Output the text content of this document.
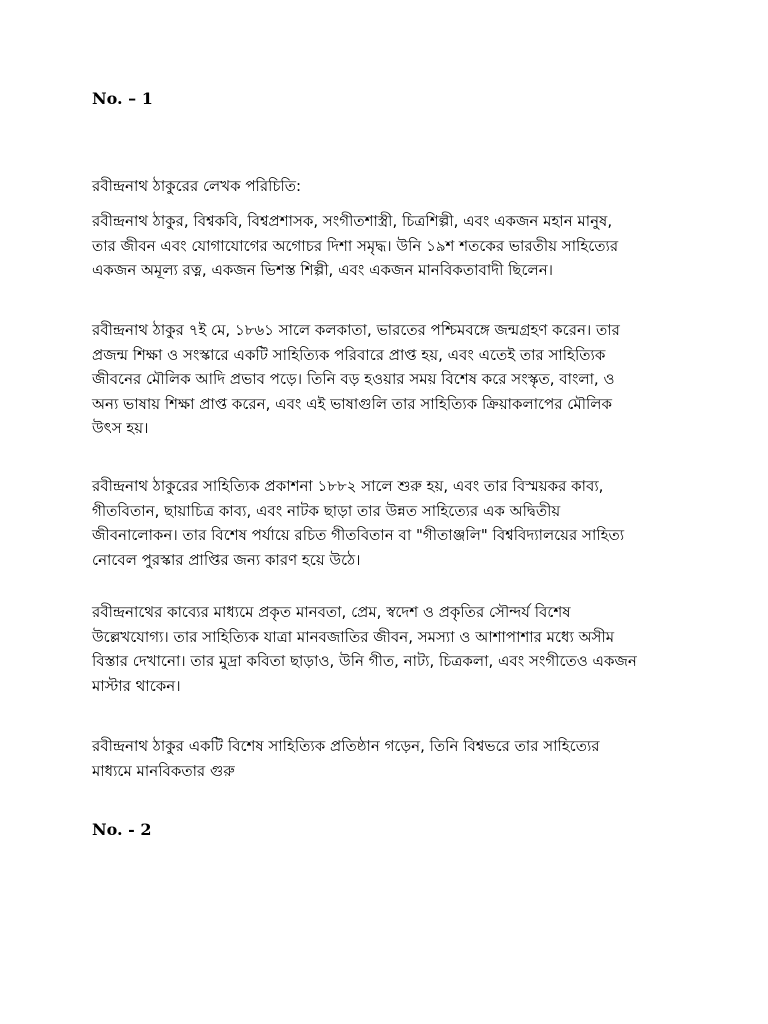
No. – 1

রবীন্দ্রনাথ ঠাকুরের লেখক পরিচিতি:

রবীন্দ্রনাথ ঠাকুর, বিশ্বকবি, বিশ্বপ্রশাসক, সংগীতশাস্ত্রী, চিত্রশিল্পী, এবং একজন মহান মানুষ,
তার জীবন এবং যোগাযোগের অগোচর দিশা সমৃদ্ধ। উনি ১৯শ শতকের ভারতীয় সাহিত্যের
একজন অমূল্য রত্ন, একজন ভিশস্ত শিল্পী, এবং একজন মানবিকতাবাদী ছিলেন।

রবীন্দ্রনাথ ঠাকুর ৭ই মে, ১৮৬১ সালে কলকাতা, ভারতের পশ্চিমবঙ্গে জন্মগ্রহণ করেন। তার
প্রজন্ম শিক্ষা ও সংস্কারে একটি সাহিত্যিক পরিবারে প্রাপ্ত হয়, এবং এতেই তার সাহিত্যিক
জীবনের মৌলিক আদি প্রভাব পড়ে। তিনি বড় হওয়ার সময় বিশেষ করে সংস্কৃত, বাংলা, ও
অন্য ভাষায় শিক্ষা প্রাপ্ত করেন, এবং এই ভাষাগুলি তার সাহিত্যিক ক্রিয়াকলাপের মৌলিক
উৎস হয়।

রবীন্দ্রনাথ ঠাকুরের সাহিত্যিক প্রকাশনা ১৮৮২ সালে শুরু হয়, এবং তার বিস্ময়কর কাব্য,
গীতবিতান, ছায়াচিত্র কাব্য, এবং নাটক ছাড়া তার উন্নত সাহিত্যের এক অদ্বিতীয়
জীবনালোকন। তার বিশেষ পর্যায়ে রচিত গীতবিতান বা "গীতাঞ্জলি" বিশ্ববিদ্যালয়ের সাহিত্য
নোবেল পুরস্কার প্রাপ্তির জন্য কারণ হয়ে উঠে।

রবীন্দ্রনাথের কাব্যের মাধ্যমে প্রকৃত মানবতা, প্রেম, স্বদেশ ও প্রকৃতির সৌন্দর্য বিশেষ
উল্লেখযোগ্য। তার সাহিত্যিক যাত্রা মানবজাতির জীবন, সমস্যা ও আশাপাশার মধ্যে অসীম
বিস্তার দেখানো। তার মুদ্রা কবিতা ছাড়াও, উনি গীত, নাট্য, চিত্রকলা, এবং সংগীতেও একজন
মাস্টার থাকেন।

রবীন্দ্রনাথ ঠাকুর একটি বিশেষ সাহিত্যিক প্রতিষ্ঠান গড়েন, তিনি বিশ্বভরে তার সাহিত্যের
মাধ্যমে মানবিকতার গুরু

No. - 2
